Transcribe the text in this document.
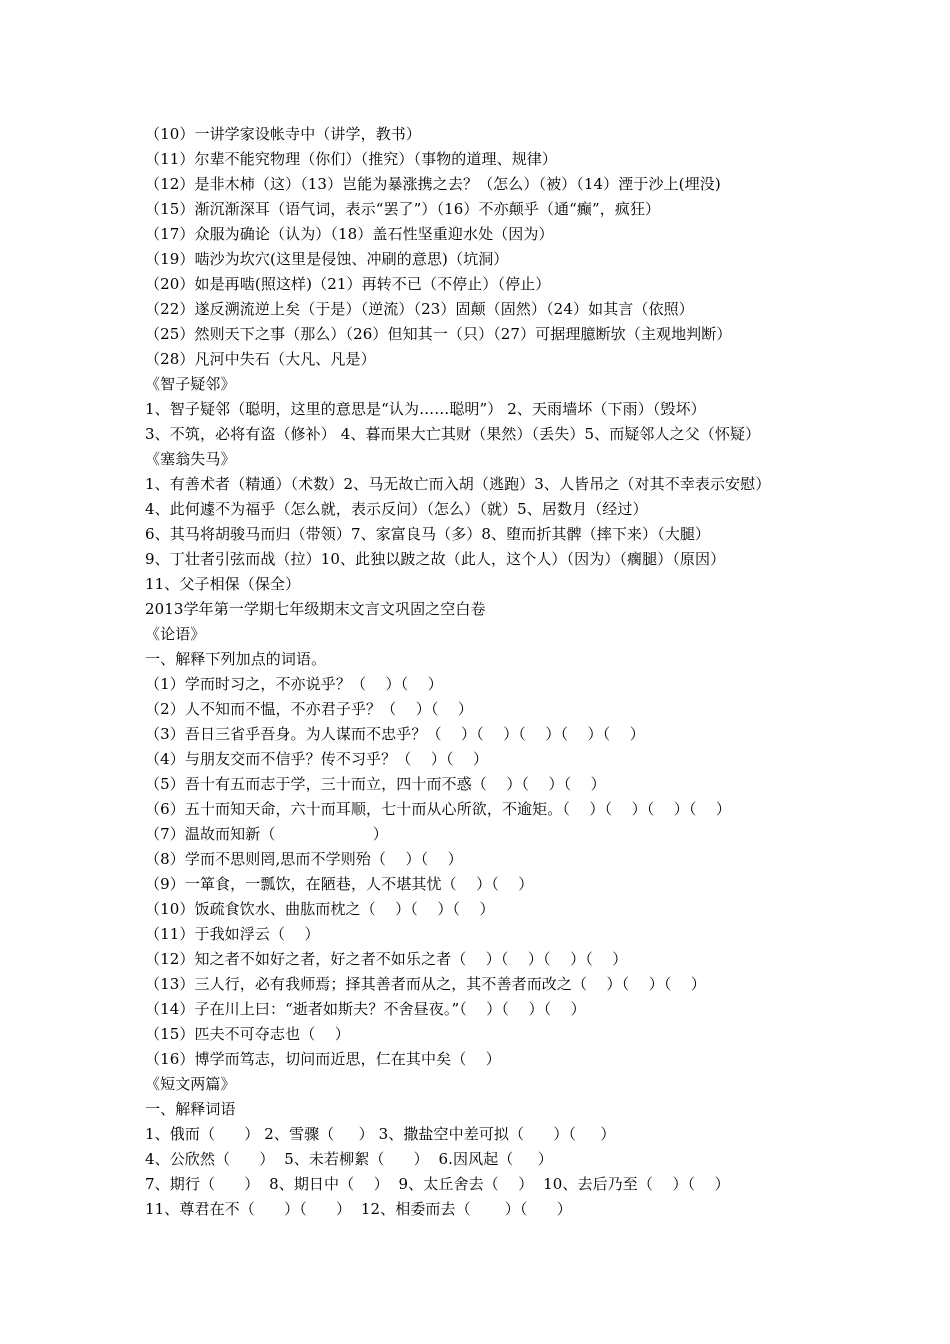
（10）一讲学家设帐寺中（讲学，教书）
（11）尔辈不能究物理（你们）（推究）（事物的道理、规律）
（12）是非木柿（这）（13）岂能为暴涨携之去？（怎么）（被）（14）湮于沙上(埋没)
（15）渐沉渐深耳（语气词，表示“罢了”）（16）不亦颠乎（通“癫”，疯狂）
（17）众服为确论（认为）（18）盖石性坚重迎水处（因为）
（19）啮沙为坎穴(这里是侵蚀、冲刷的意思)（坑洞）
（20）如是再啮(照这样)（21）再转不已（不停止）（停止）
（22）遂反溯流逆上矣（于是）（逆流）（23）固颠（固然）（24）如其言（依照）
（25）然则天下之事（那么）（26）但知其一（只）（27）可据理臆断欤（主观地判断）
（28）凡河中失石（大凡、凡是）
《智子疑邻》
1、智子疑邻（聪明，这里的意思是“认为……聪明”） 2、天雨墙坏（下雨）（毁坏）
3、不筑，必将有盗（修补） 4、暮而果大亡其财（果然）（丢失）5、而疑邻人之父（怀疑）
《塞翁失马》
1、有善术者（精通）（术数）2、马无故亡而入胡（逃跑）3、人皆吊之（对其不幸表示安慰）
4、此何遽不为福乎（怎么就，表示反问）（怎么）（就）5、居数月（经过）
6、其马将胡骏马而归（带领）7、家富良马（多）8、堕而折其髀（摔下来）（大腿）
9、丁壮者引弦而战（拉）10、此独以跛之故（此人，这个人）（因为）（瘸腿）（原因）
11、父子相保（保全）
2013学年第一学期七年级期末文言文巩固之空白卷
《论语》
一、解释下列加点的词语。
（1）学而时习之，不亦说乎？（    ）（    ）
（2）人不知而不愠，不亦君子乎？（    ）（    ）
（3）吾日三省乎吾身。为人谋而不忠乎？（    ）（    ）（    ）（    ）（    ）
（4）与朋友交而不信乎？传不习乎？（    ）（    ）
（5）吾十有五而志于学，三十而立，四十而不惑（    ）（    ）（    ）
（6）五十而知天命，六十而耳顺，七十而从心所欲，不逾矩。（    ）（    ）（    ）（    ）
（7）温故而知新（                    ）
（8）学而不思则罔,思而不学则殆（    ）（    ）
（9）一箪食，一瓢饮，在陋巷，人不堪其忧（    ）（    ）
（10）饭疏食饮水、曲肱而枕之（    ）（    ）（    ）
（11）于我如浮云（    ）
（12）知之者不如好之者，好之者不如乐之者（    ）（    ）（    ）（    ）
（13）三人行，必有我师焉；择其善者而从之，其不善者而改之（    ）（    ）（    ）
（14）子在川上曰：“逝者如斯夫？不舍昼夜。”（    ）（    ）（    ）
（15）匹夫不可夺志也（    ）
（16）博学而笃志，切问而近思，仁在其中矣（    ）
《短文两篇》
一、解释词语
1、俄而（      ） 2、雪骤（     ） 3、撒盐空中差可拟（      ）（     ）
4、公欣然（      ）  5、未若柳絮（      ）  6.因风起（     ）
7、期行（      ）  8、期日中（    ）  9、太丘舍去（    ）  10、去后乃至（    ）（    ）
11、尊君在不（      ）（      ）  12、相委而去（       ）（      ）
